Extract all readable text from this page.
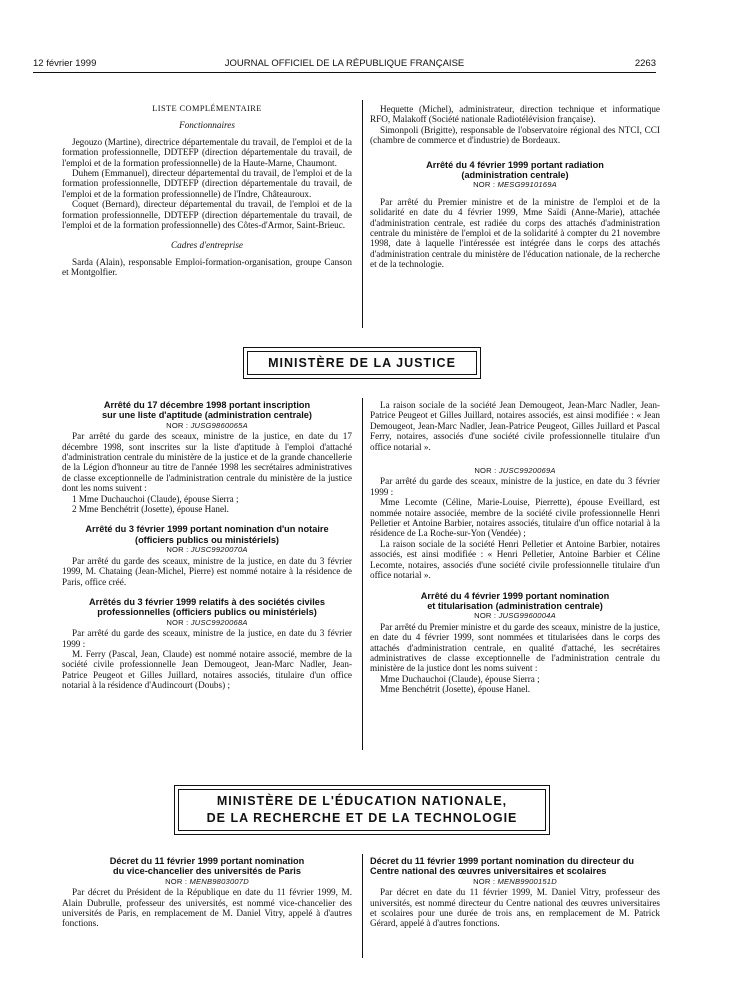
12 février 1999	JOURNAL OFFICIEL DE LA RÉPUBLIQUE FRANÇAISE	2263

LISTE COMPLÉMENTAIRE

Fonctionnaires

Jegouzo (Martine), directrice départementale du travail, de l'emploi et de la formation professionnelle, DDTEFP (direction départementale du travail, de l'emploi et de la formation professionnelle) de la Haute-Marne, Chaumont.

Duhem (Emmanuel), directeur départemental du travail, de l'emploi et de la formation professionnelle, DDTEFP (direction départementale du travail, de l'emploi et de la formation professionnelle) de l'Indre, Châteauroux.

Coquet (Bernard), directeur départemental du travail, de l'emploi et de la formation professionnelle, DDTEFP (direction départementale du travail, de l'emploi et de la formation professionnelle) des Côtes-d'Armor, Saint-Brieuc.

Cadres d'entreprise

Sarda (Alain), responsable Emploi-formation-organisation, groupe Canson et Montgolfier.

Hequette (Michel), administrateur, direction technique et informatique RFO, Malakoff (Société nationale Radiotélévision française).

Simonpoli (Brigitte), responsable de l'observatoire régional des NTCI, CCI (chambre de commerce et d'industrie) de Bordeaux.

Arrêté du 4 février 1999 portant radiation

(administration centrale)

NOR : MESG9910169A

Par arrêté du Premier ministre et de la ministre de l'emploi et de la solidarité en date du 4 février 1999, Mme Saïdi (Anne-Marie), attachée d'administration centrale, est radiée du corps des attachés d'administration centrale du ministère de l'emploi et de la solidarité à compter du 21 novembre 1998, date à laquelle l'intéressée est intégrée dans le corps des attachés d'administration centrale du ministère de l'éducation nationale, de la recherche et de la technologie.

MINISTÈRE DE LA JUSTICE

Arrêté du 17 décembre 1998 portant inscription

sur une liste d'aptitude (administration centrale)

NOR : JUSG9860065A

Par arrêté du garde des sceaux, ministre de la justice, en date du 17 décembre 1998, sont inscrites sur la liste d'aptitude à l'emploi d'attaché d'administration centrale du ministère de la justice et de la grande chancellerie de la Légion d'honneur au titre de l'année 1998 les secrétaires administratives de classe exceptionnelle de l'administration centrale du ministère de la justice dont les noms suivent :

1 Mme Duchauchoi (Claude), épouse Sierra ;

2 Mme Benchétrit (Josette), épouse Hanel.

Arrêté du 3 février 1999 portant nomination d'un notaire

(officiers publics ou ministériels)

NOR : JUSC9920070A

Par arrêté du garde des sceaux, ministre de la justice, en date du 3 février 1999, M. Chataing (Jean-Michel, Pierre) est nommé notaire à la résidence de Paris, office créé.

Arrêtés du 3 février 1999 relatifs à des sociétés civiles

professionnelles (officiers publics ou ministériels)

NOR : JUSC9920068A

Par arrêté du garde des sceaux, ministre de la justice, en date du 3 février 1999 :

M. Ferry (Pascal, Jean, Claude) est nommé notaire associé, membre de la société civile professionnelle Jean Demougeot, Jean-Marc Nadler, Jean-Patrice Peugeot et Gilles Juillard, notaires associés, titulaire d'un office notarial à la résidence d'Audincourt (Doubs) ;

La raison sociale de la société Jean Demougeot, Jean-Marc Nadler, Jean-Patrice Peugeot et Gilles Juillard, notaires associés, est ainsi modifiée : « Jean Demougeot, Jean-Marc Nadler, Jean-Patrice Peugeot, Gilles Juillard et Pascal Ferry, notaires, associés d'une société civile professionnelle titulaire d'un office notarial ».

NOR : JUSC9920069A

Par arrêté du garde des sceaux, ministre de la justice, en date du 3 février 1999 :

Mme Lecomte (Céline, Marie-Louise, Pierrette), épouse Eveillard, est nommée notaire associée, membre de la société civile professionnelle Henri Pelletier et Antoine Barbier, notaires associés, titulaire d'un office notarial à la résidence de La Roche-sur-Yon (Vendée) ;

La raison sociale de la société Henri Pelletier et Antoine Barbier, notaires associés, est ainsi modifiée : « Henri Pelletier, Antoine Barbier et Céline Lecomte, notaires, associés d'une société civile professionnelle titulaire d'un office notarial ».

Arrêté du 4 février 1999 portant nomination

et titularisation (administration centrale)

NOR : JUSG9960004A

Par arrêté du Premier ministre et du garde des sceaux, ministre de la justice, en date du 4 février 1999, sont nommées et titularisées dans le corps des attachés d'administration centrale, en qualité d'attaché, les secrétaires administratives de classe exceptionnelle de l'administration centrale du ministère de la justice dont les noms suivent :

Mme Duchauchoi (Claude), épouse Sierra ;

Mme Benchétrit (Josette), épouse Hanel.

MINISTÈRE DE L'ÉDUCATION NATIONALE,
DE LA RECHERCHE ET DE LA TECHNOLOGIE

Décret du 11 février 1999 portant nomination

du vice-chancelier des universités de Paris

NOR : MENB9803007D

Par décret du Président de la République en date du 11 février 1999, M. Alain Dubrulle, professeur des universités, est nommé vice-chancelier des universités de Paris, en remplacement de M. Daniel Vitry, appelé à d'autres fonctions.

Décret du 11 février 1999 portant nomination du directeur du Centre national des œuvres universitaires et scolaires

NOR : MENB9900151D

Par décret en date du 11 février 1999, M. Daniel Vitry, professeur des universités, est nommé directeur du Centre national des œuvres universitaires et scolaires pour une durée de trois ans, en remplacement de M. Patrick Gérard, appelé à d'autres fonctions.
